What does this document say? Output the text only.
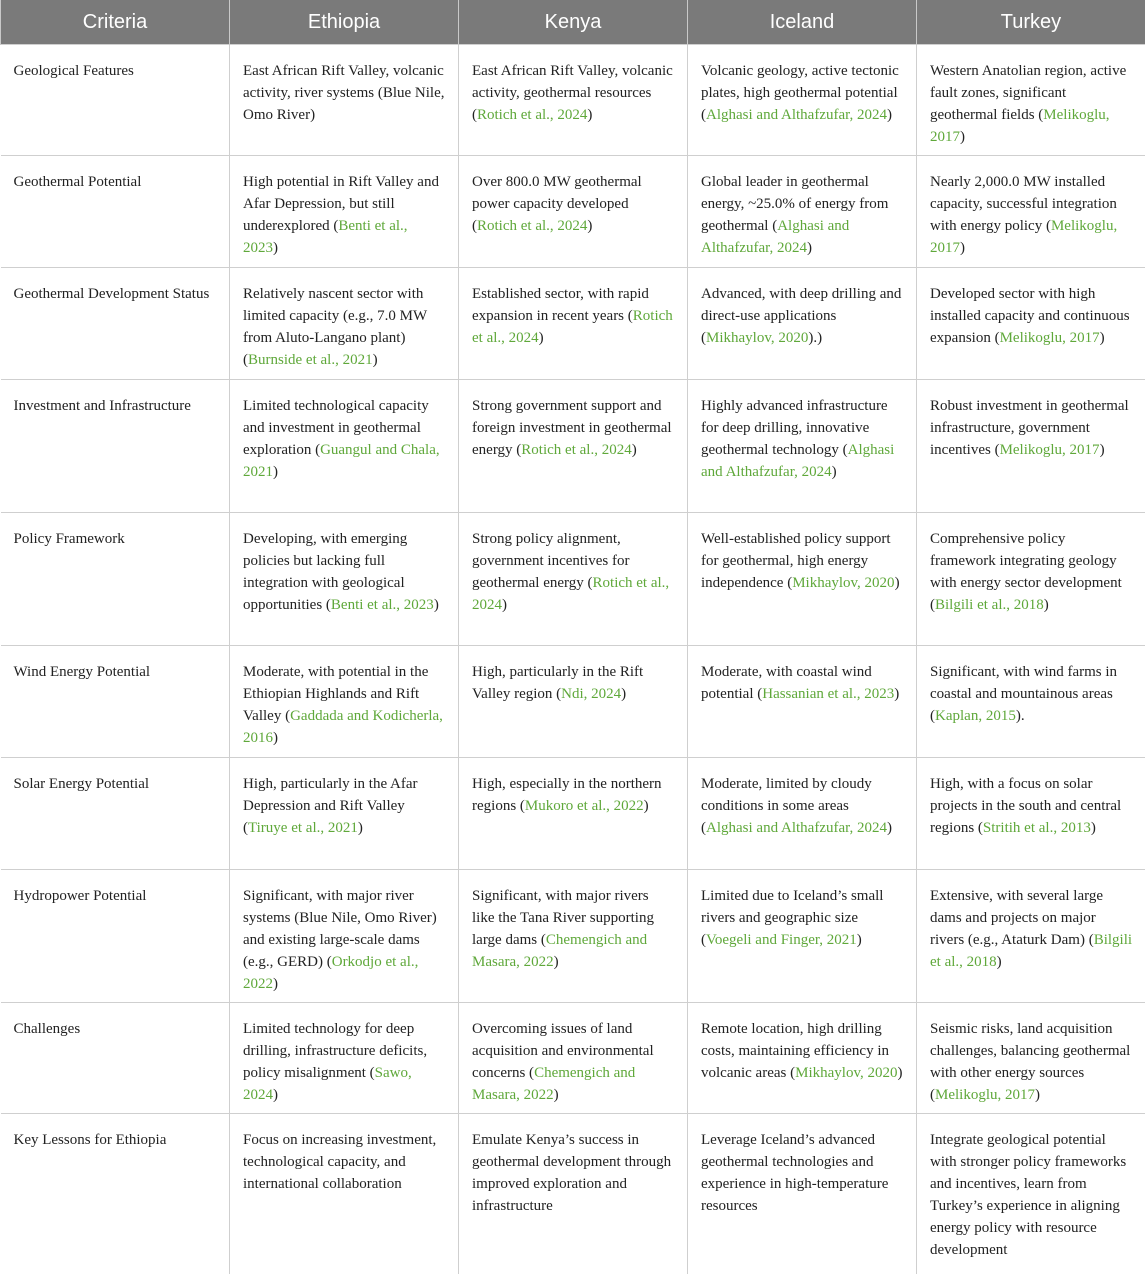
Criteria	Ethiopia	Kenya	Iceland	Turkey
Geological Features	East African Rift Valley, volcanic activity, river systems (Blue Nile, Omo River)	East African Rift Valley, volcanic activity, geothermal resources (Rotich et al., 2024)	Volcanic geology, active tectonic plates, high geothermal potential (Alghasi and Althafzufar, 2024)	Western Anatolian region, active fault zones, significant geothermal fields (Melikoglu, 2017)
Geothermal Potential	High potential in Rift Valley and Afar Depression, but still underexplored (Benti et al., 2023)	Over 800.0 MW geothermal power capacity developed (Rotich et al., 2024)	Global leader in geothermal energy, ~25.0% of energy from geothermal (Alghasi and Althafzufar, 2024)	Nearly 2,000.0 MW installed capacity, successful integration with energy policy (Melikoglu, 2017)
Geothermal Development Status	Relatively nascent sector with limited capacity (e.g., 7.0 MW from Aluto-Langano plant) (Burnside et al., 2021)	Established sector, with rapid expansion in recent years (Rotich et al., 2024)	Advanced, with deep drilling and direct-use applications (Mikhaylov, 2020).)	Developed sector with high installed capacity and continuous expansion (Melikoglu, 2017)
Investment and Infrastructure	Limited technological capacity and investment in geothermal exploration (Guangul and Chala, 2021)	Strong government support and foreign investment in geothermal energy (Rotich et al., 2024)	Highly advanced infrastructure for deep drilling, innovative geothermal technology (Alghasi and Althafzufar, 2024)	Robust investment in geothermal infrastructure, government incentives (Melikoglu, 2017)
Policy Framework	Developing, with emerging policies but lacking full integration with geological opportunities (Benti et al., 2023)	Strong policy alignment, government incentives for geothermal energy (Rotich et al., 2024)	Well-established policy support for geothermal, high energy independence (Mikhaylov, 2020)	Comprehensive policy framework integrating geology with energy sector development (Bilgili et al., 2018)
Wind Energy Potential	Moderate, with potential in the Ethiopian Highlands and Rift Valley (Gaddada and Kodicherla, 2016)	High, particularly in the Rift Valley region (Ndi, 2024)	Moderate, with coastal wind potential (Hassanian et al., 2023)	Significant, with wind farms in coastal and mountainous areas (Kaplan, 2015).
Solar Energy Potential	High, particularly in the Afar Depression and Rift Valley (Tiruye et al., 2021)	High, especially in the northern regions (Mukoro et al., 2022)	Moderate, limited by cloudy conditions in some areas (Alghasi and Althafzufar, 2024)	High, with a focus on solar projects in the south and central regions (Stritih et al., 2013)
Hydropower Potential	Significant, with major river systems (Blue Nile, Omo River) and existing large-scale dams (e.g., GERD) (Orkodjo et al., 2022)	Significant, with major rivers like the Tana River supporting large dams (Chemengich and Masara, 2022)	Limited due to Iceland’s small rivers and geographic size (Voegeli and Finger, 2021)	Extensive, with several large dams and projects on major rivers (e.g., Ataturk Dam) (Bilgili et al., 2018)
Challenges	Limited technology for deep drilling, infrastructure deficits, policy misalignment (Sawo, 2024)	Overcoming issues of land acquisition and environmental concerns (Chemengich and Masara, 2022)	Remote location, high drilling costs, maintaining efficiency in volcanic areas (Mikhaylov, 2020)	Seismic risks, land acquisition challenges, balancing geothermal with other energy sources (Melikoglu, 2017)
Key Lessons for Ethiopia	Focus on increasing investment, technological capacity, and international collaboration	Emulate Kenya’s success in geothermal development through improved exploration and infrastructure	Leverage Iceland’s advanced geothermal technologies and experience in high-temperature resources	Integrate geological potential with stronger policy frameworks and incentives, learn from Turkey’s experience in aligning energy policy with resource development
